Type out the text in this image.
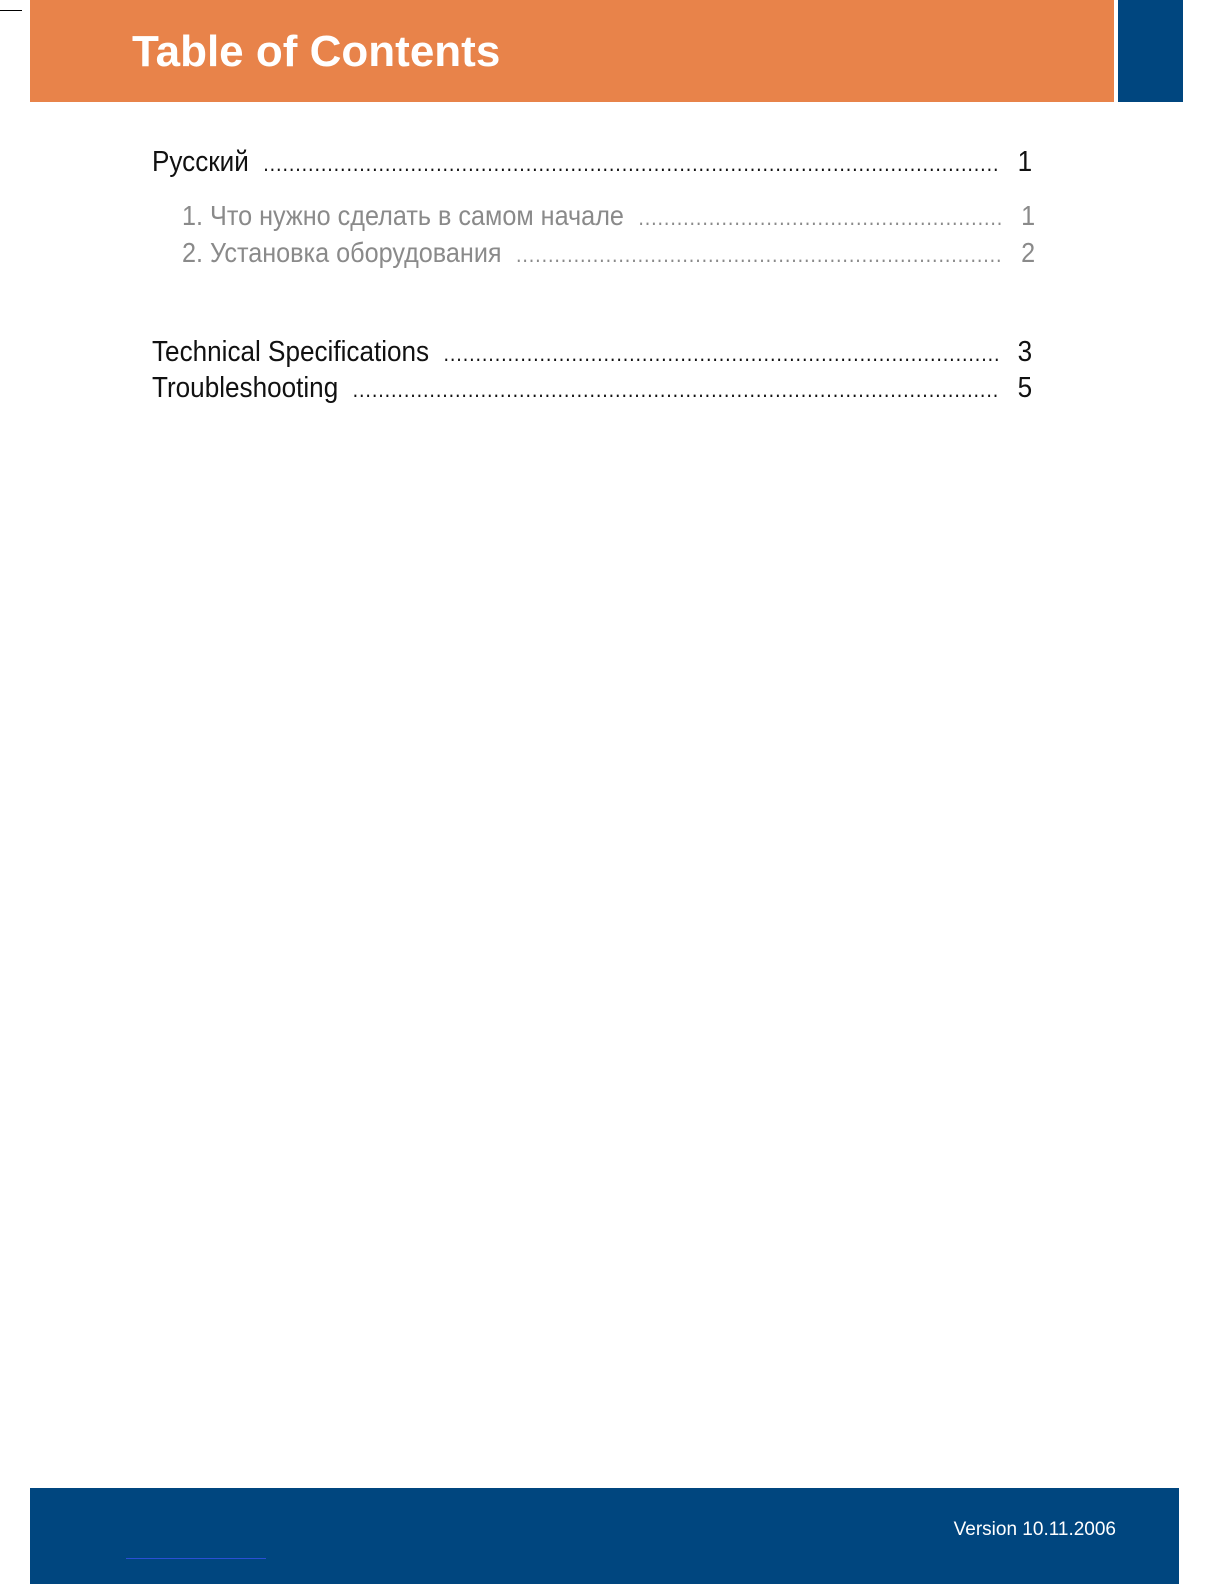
Table of Contents
Русский .....	1
1. Что нужно сделать в самом начале .....	1
2. Установка оборудования .....	2
Technical Specifications .....	3
Troubleshooting .....	5
Version 10.11.2006
